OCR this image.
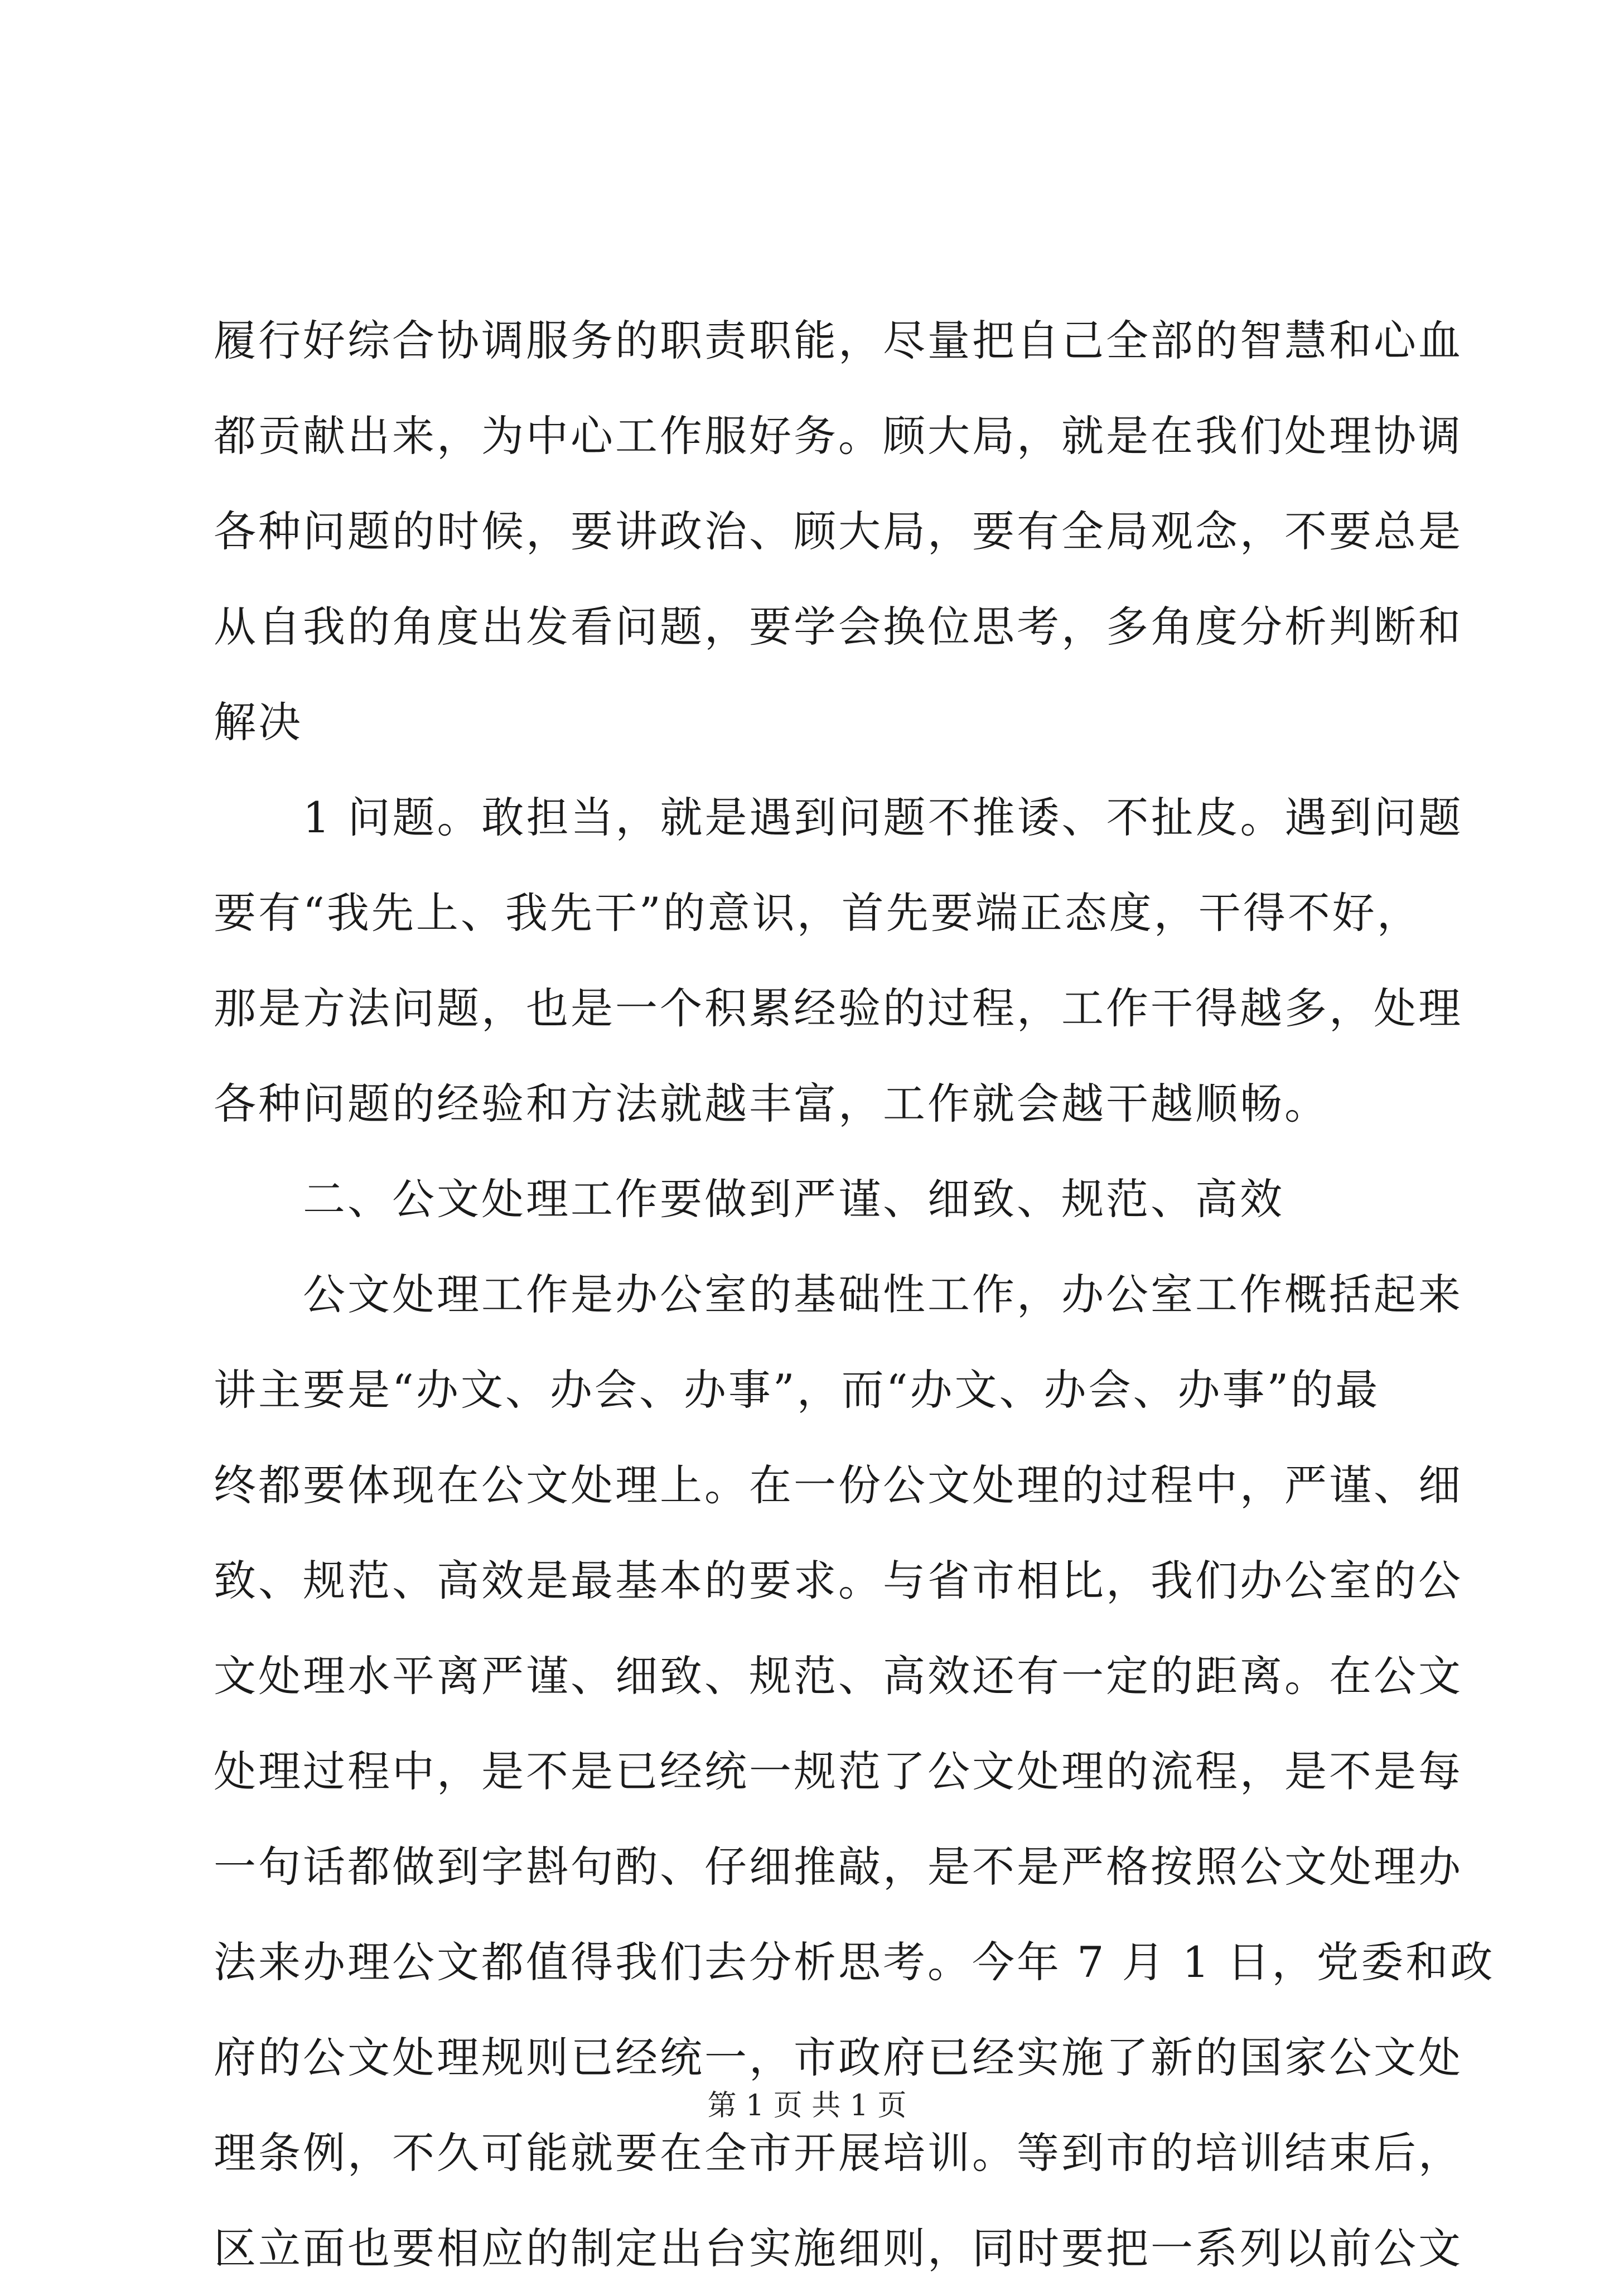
履行好综合协调服务的职责职能，尽量把自己全部的智慧和心血
都贡献出来，为中心工作服好务。顾大局，就是在我们处理协调
各种问题的时候，要讲政治、顾大局，要有全局观念，不要总是
从自我的角度出发看问题，要学会换位思考，多角度分析判断和
解决
　　1 问题。敢担当，就是遇到问题不推诿、不扯皮。遇到问题
要有“我先上、我先干”的意识，首先要端正态度，干得不好，
那是方法问题，也是一个积累经验的过程，工作干得越多，处理
各种问题的经验和方法就越丰富，工作就会越干越顺畅。
　　二、公文处理工作要做到严谨、细致、规范、高效
　　公文处理工作是办公室的基础性工作，办公室工作概括起来
讲主要是“办文、办会、办事”，而“办文、办会、办事”的最
终都要体现在公文处理上。在一份公文处理的过程中，严谨、细
致、规范、高效是最基本的要求。与省市相比，我们办公室的公
文处理水平离严谨、细致、规范、高效还有一定的距离。在公文
处理过程中，是不是已经统一规范了公文处理的流程，是不是每
一句话都做到字斟句酌、仔细推敲，是不是严格按照公文处理办
法来办理公文都值得我们去分析思考。今年 7 月 1 日，党委和政
府的公文处理规则已经统一，市政府已经实施了新的国家公文处
理条例，不久可能就要在全市开展培训。等到市的培训结束后，
区立面也要相应的制定出台实施细则，同时要把一系列以前公文
第 1 页 共 1 页
